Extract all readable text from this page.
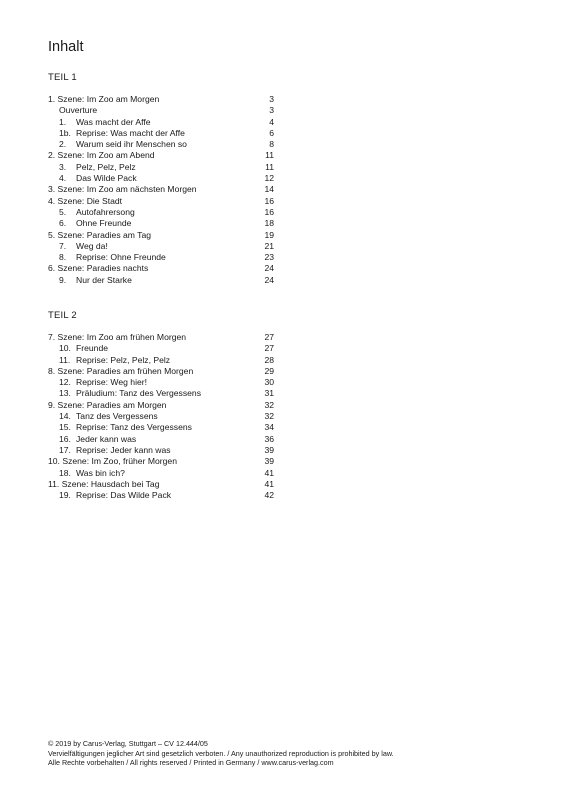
Inhalt
TEIL 1
1. Szene: Im Zoo am Morgen	3
Ouverture	3
1. Was macht der Affe	4
1b. Reprise: Was macht der Affe	6
2. Warum seid ihr Menschen so	8
2. Szene: Im Zoo am Abend	11
3. Pelz, Pelz, Pelz	11
4. Das Wilde Pack	12
3. Szene: Im Zoo am nächsten Morgen	14
4. Szene: Die Stadt	16
5. Autofahrersong	16
6. Ohne Freunde	18
5. Szene: Paradies am Tag	19
7. Weg da!	21
8. Reprise: Ohne Freunde	23
6. Szene: Paradies nachts	24
9. Nur der Starke	24
TEIL 2
7. Szene: Im Zoo am frühen Morgen	27
10. Freunde	27
11. Reprise: Pelz, Pelz, Pelz	28
8. Szene: Paradies am frühen Morgen	29
12. Reprise: Weg hier!	30
13. Präludium: Tanz des Vergessens	31
9. Szene: Paradies am Morgen	32
14. Tanz des Vergessens	32
15. Reprise: Tanz des Vergessens	34
16. Jeder kann was	36
17. Reprise: Jeder kann was	39
10. Szene: Im Zoo, früher Morgen	39
18. Was bin ich?	41
11. Szene: Hausdach bei Tag	41
19. Reprise: Das Wilde Pack	42
© 2019 by Carus-Verlag, Stuttgart – CV 12.444/05
Vervielfältigungen jeglicher Art sind gesetzlich verboten. / Any unauthorized reproduction is prohibited by law.
Alle Rechte vorbehalten / All rights reserved / Printed in Germany / www.carus-verlag.com
